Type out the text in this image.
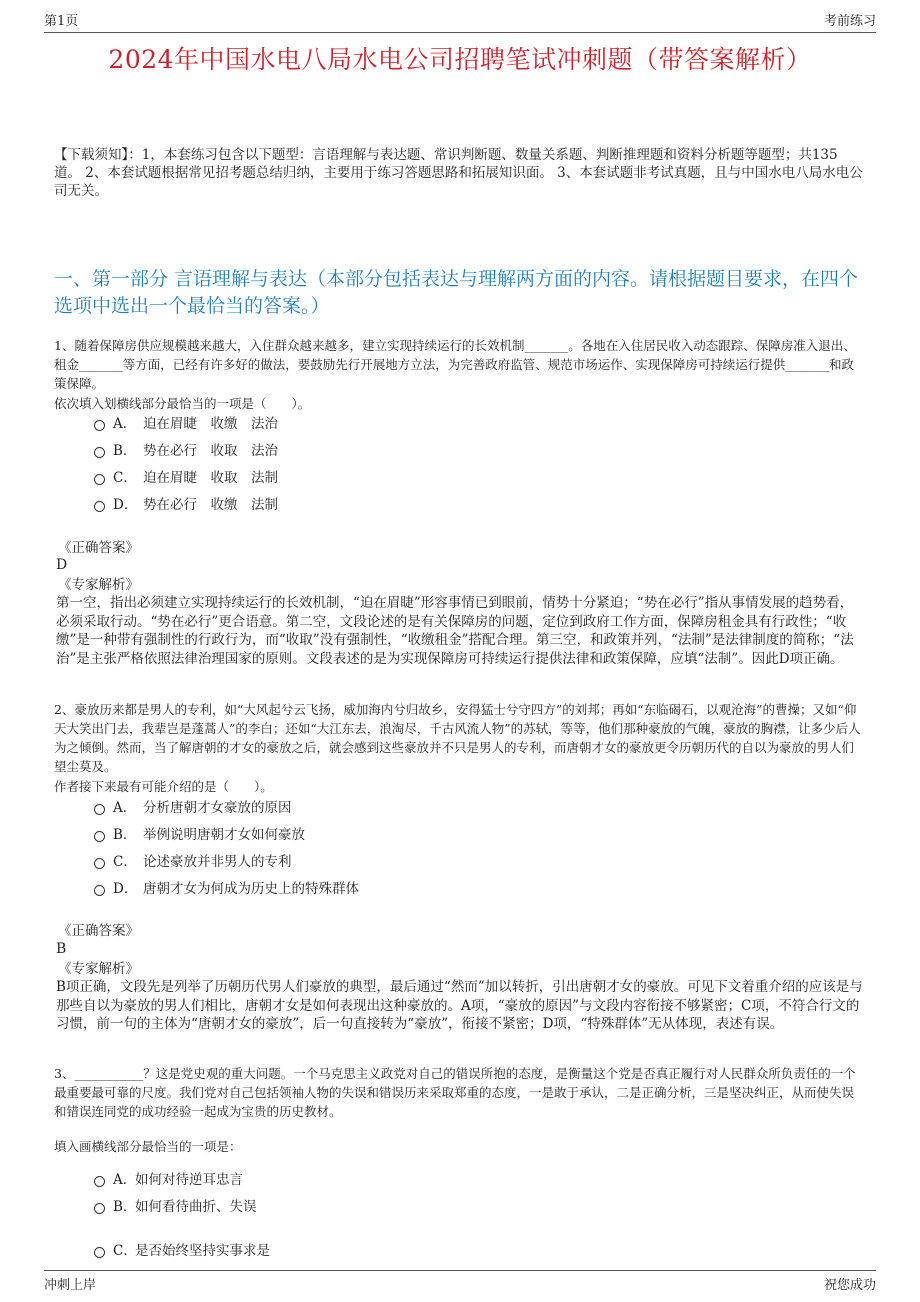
第1页	考前练习
2024年中国水电八局水电公司招聘笔试冲刺题（带答案解析）
【下载须知】：1，本套练习包含以下题型：言语理解与表达题、常识判断题、数量关系题、判断推理题和资料分析题等题型；共135道。 2、本套试题根据常见招考题总结归纳，主要用于练习答题思路和拓展知识面。 3、本套试题非考试真题，且与中国水电八局水电公司无关。
一、第一部分 言语理解与表达（本部分包括表达与理解两方面的内容。请根据题目要求，在四个选项中选出一个最恰当的答案。）
1、随着保障房供应规模越来越大，入住群众越来越多，建立实现持续运行的长效机制_______。各地在入住居民收入动态跟踪、保障房准入退出、租金_______等方面，已经有许多好的做法，要鼓励先行开展地方立法，为完善政府监管、规范市场运作、实现保障房可持续运行提供_______和政策保障。
依次填入划横线部分最恰当的一项是（　　）。
A． 迫在眉睫　收缴　法治
B． 势在必行　收取　法治
C． 迫在眉睫　收取　法制
D． 势在必行　收缴　法制
《正确答案》
D
《专家解析》
第一空，指出必须建立实现持续运行的长效机制，“迫在眉睫”形容事情已到眼前，情势十分紧迫；“势在必行”指从事情发展的趋势看，必须采取行动。“势在必行”更合语意。第二空，文段论述的是有关保障房的问题，定位到政府工作方面，保障房租金具有行政性；“收缴”是一种带有强制性的行政行为，而“收取”没有强制性，“收缴租金”搭配合理。第三空，和政策并列，“法制”是法律制度的简称；“法治”是主张严格依照法律治理国家的原则。文段表述的是为实现保障房可持续运行提供法律和政策保障，应填“法制”。因此D项正确。
2、豪放历来都是男人的专利，如“大风起兮云飞扬，威加海内兮归故乡，安得猛士兮守四方”的刘邦；再如“东临碣石，以观沧海”的曹操；又如“仰天大笑出门去，我辈岂是蓬蒿人”的李白；还如“大江东去，浪淘尽，千古风流人物”的苏轼，等等，他们那种豪放的气魄，豪放的胸襟，让多少后人为之倾倒。然而，当了解唐朝的才女的豪放之后，就会感到这些豪放并不只是男人的专利，而唐朝才女的豪放更令历朝历代的自以为豪放的男人们望尘莫及。
作者接下来最有可能介绍的是（　　）。
A． 分析唐朝才女豪放的原因
B． 举例说明唐朝才女如何豪放
C． 论述豪放并非男人的专利
D． 唐朝才女为何成为历史上的特殊群体
《正确答案》
B
《专家解析》
B项正确，文段先是列举了历朝历代男人们豪放的典型，最后通过“然而”加以转折，引出唐朝才女的豪放。可见下文着重介绍的应该是与那些自以为豪放的男人们相比，唐朝才女是如何表现出这种豪放的。A项，“豪放的原因”与文段内容衔接不够紧密；C项，不符合行文的习惯，前一句的主体为“唐朝才女的豪放”，后一句直接转为“豪放”，衔接不紧密；D项，“特殊群体”无从体现，表述有误。
3、___________？这是党史观的重大问题。一个马克思主义政党对自己的错误所抱的态度，是衡量这个党是否真正履行对人民群众所负责任的一个最重要最可靠的尺度。我们党对自己包括领袖人物的失误和错误历来采取郑重的态度，一是敢于承认，二是正确分析，三是坚决纠正，从而使失误和错误连同党的成功经验一起成为宝贵的历史教材。
填入画横线部分最恰当的一项是：
A．如何对待逆耳忠言
B．如何看待曲折、失误
C．是否始终坚持实事求是
冲刺上岸	祝您成功
